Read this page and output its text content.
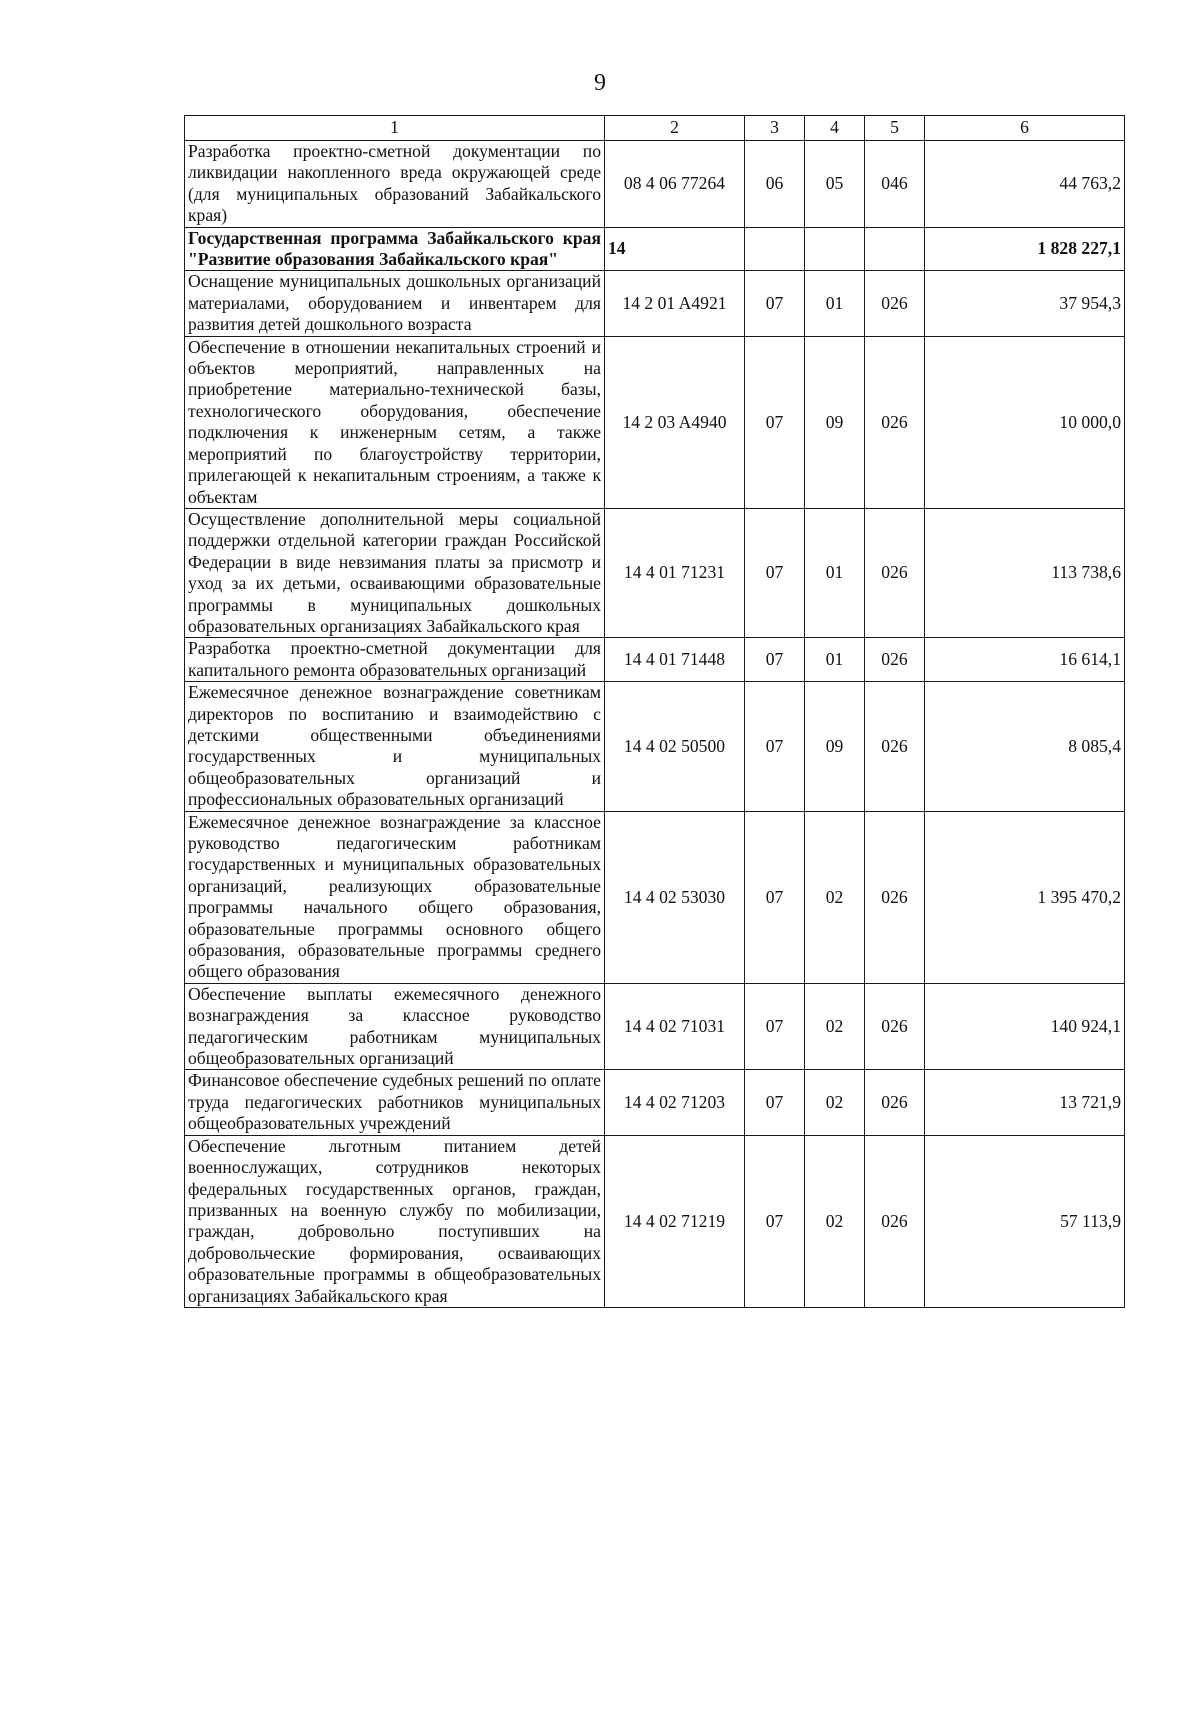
9
1	2	3	4	5	6
Разработка проектно-сметной документации по ликвидации накопленного вреда окружающей среде (для муниципальных образований Забайкальского края)	08 4 06 77264	06	05	046	44 763,2
Государственная программа Забайкальского края "Развитие образования Забайкальского края"	14				1 828 227,1
Оснащение муниципальных дошкольных организаций материалами, оборудованием и инвентарем для развития детей дошкольного возраста	14 2 01 A4921	07	01	026	37 954,3
Обеспечение в отношении некапитальных строений и объектов мероприятий, направленных на приобретение материально-технической базы, технологического оборудования, обеспечение подключения к инженерным сетям, а также мероприятий по благоустройству территории, прилегающей к некапитальным строениям, а также к объектам	14 2 03 A4940	07	09	026	10 000,0
Осуществление дополнительной меры социальной поддержки отдельной категории граждан Российской Федерации в виде невзимания платы за присмотр и уход за их детьми, осваивающими образовательные программы в муниципальных дошкольных образовательных организациях Забайкальского края	14 4 01 71231	07	01	026	113 738,6
Разработка проектно-сметной документации для капитального ремонта образовательных организаций	14 4 01 71448	07	01	026	16 614,1
Ежемесячное денежное вознаграждение советникам директоров по воспитанию и взаимодействию с детскими общественными объединениями государственных и муниципальных общеобразовательных организаций и профессиональных образовательных организаций	14 4 02 50500	07	09	026	8 085,4
Ежемесячное денежное вознаграждение за классное руководство педагогическим работникам государственных и муниципальных образовательных организаций, реализующих образовательные программы начального общего образования, образовательные программы основного общего образования, образовательные программы среднего общего образования	14 4 02 53030	07	02	026	1 395 470,2
Обеспечение выплаты ежемесячного денежного вознаграждения за классное руководство педагогическим работникам муниципальных общеобразовательных организаций	14 4 02 71031	07	02	026	140 924,1
Финансовое обеспечение судебных решений по оплате труда педагогических работников муниципальных общеобразовательных учреждений	14 4 02 71203	07	02	026	13 721,9
Обеспечение льготным питанием детей военнослужащих, сотрудников некоторых федеральных государственных органов, граждан, призванных на военную службу по мобилизации, граждан, добровольно поступивших на добровольческие формирования, осваивающих образовательные программы в общеобразовательных организациях Забайкальского края	14 4 02 71219	07	02	026	57 113,9
